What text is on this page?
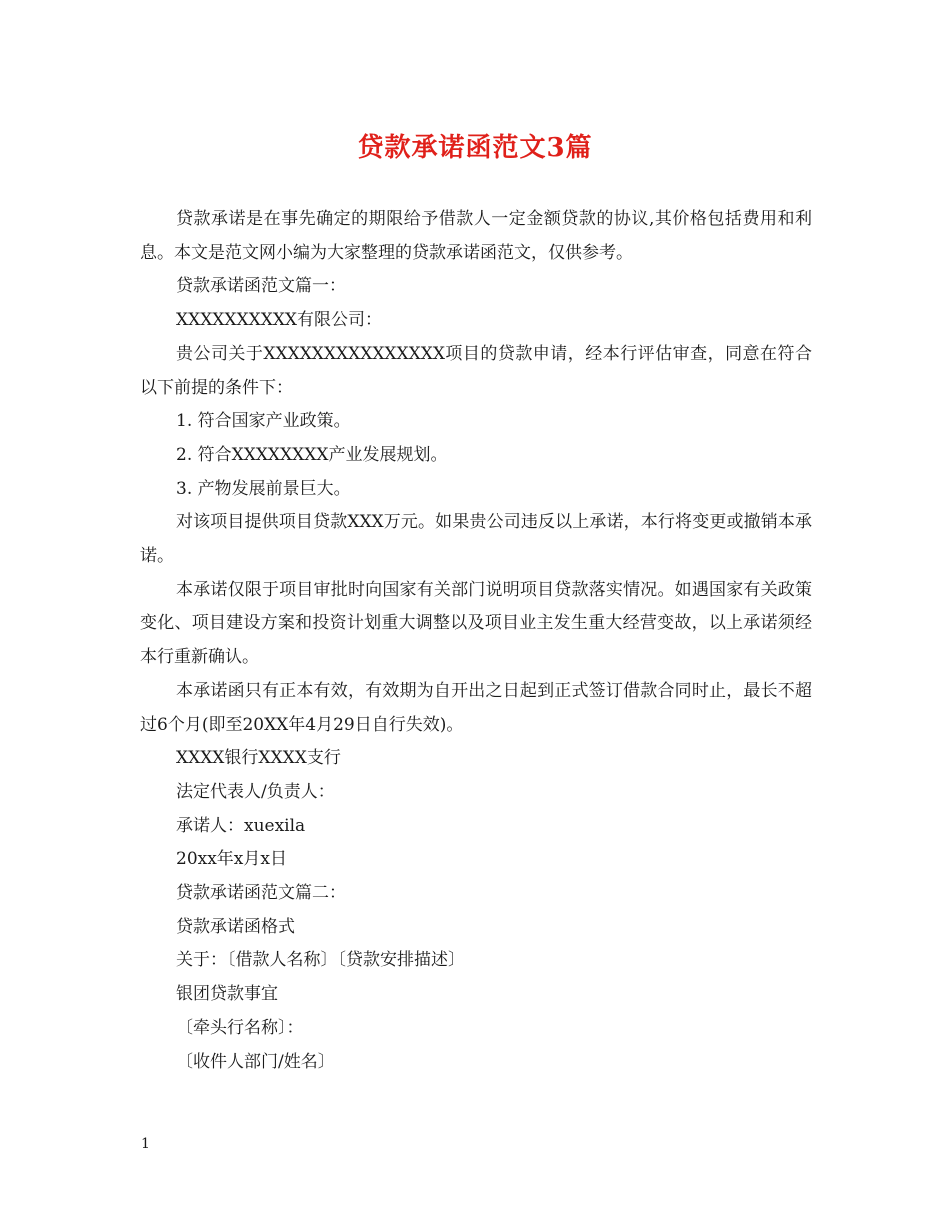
贷款承诺函范文3篇

贷款承诺是在事先确定的期限给予借款人一定金额贷款的协议,其价格包括费用和利息。本文是范文网小编为大家整理的贷款承诺函范文，仅供参考。

贷款承诺函范文篇一：

XXXXXXXXXX有限公司：

贵公司关于XXXXXXXXXXXXXXX项目的贷款申请，经本行评估审查，同意在符合以下前提的条件下：

1. 符合国家产业政策。

2. 符合XXXXXXXX产业发展规划。

3. 产物发展前景巨大。

对该项目提供项目贷款XXX万元。如果贵公司违反以上承诺，本行将变更或撤销本承诺。

本承诺仅限于项目审批时向国家有关部门说明项目贷款落实情况。如遇国家有关政策变化、项目建设方案和投资计划重大调整以及项目业主发生重大经营变故，以上承诺须经本行重新确认。

本承诺函只有正本有效，有效期为自开出之日起到正式签订借款合同时止，最长不超过6个月(即至20XX年4月29日自行失效)。

XXXX银行XXXX支行

法定代表人/负责人：

承诺人：xuexila

20xx年x月x日

贷款承诺函范文篇二：

贷款承诺函格式

关于：〔借款人名称〕〔贷款安排描述〕

银团贷款事宜

〔牵头行名称〕：

〔收件人部门/姓名〕

1
